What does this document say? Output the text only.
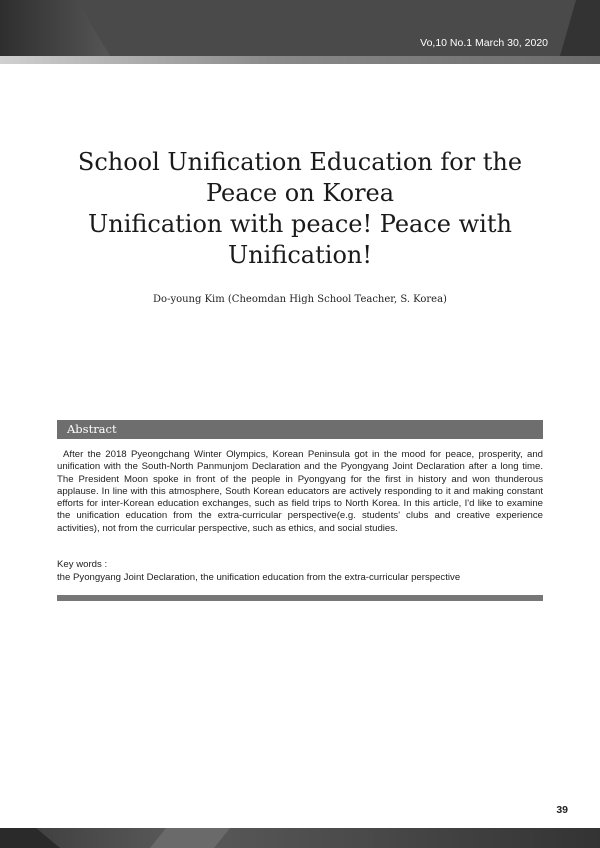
Vo,10 No.1 March 30, 2020
School Unification Education for the
Peace on Korea
Unification with peace! Peace with
Unification!
Do-young Kim (Cheomdan High School Teacher, S. Korea)
Abstract

After the 2018 Pyeongchang Winter Olympics, Korean Peninsula got in the mood for peace, prosperity, and unification with the South-North Panmunjom Declaration and the Pyongyang Joint Declaration after a long time. The President Moon spoke in front of the people in Pyongyang for the first in history and won thunderous applause. In line with this atmosphere, South Korean educators are actively responding to it and making constant efforts for inter-Korean education exchanges, such as field trips to North Korea. In this article, I'd like to examine the unification education from the extra-curricular perspective(e.g. students' clubs and creative experience activities), not from the curricular perspective, such as ethics, and social studies.

Key words :
the Pyongyang Joint Declaration, the unification education from the extra-curricular perspective
39
